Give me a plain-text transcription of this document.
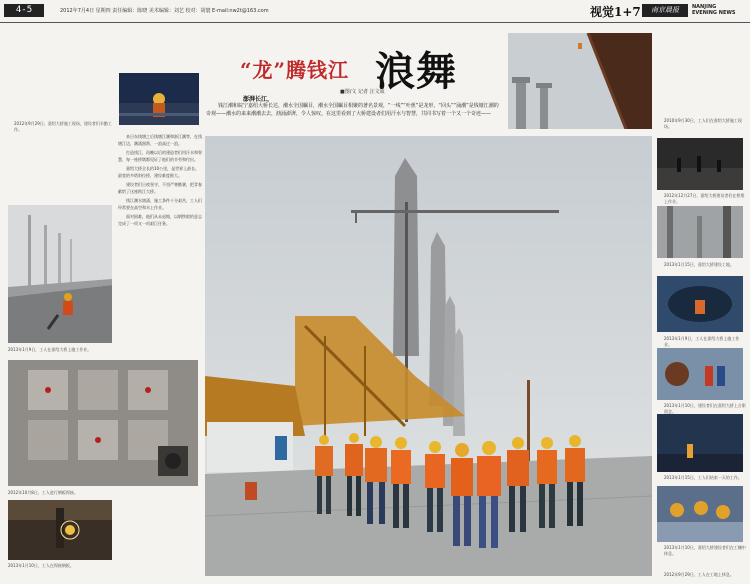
4-5	2012年7月4日 星期四 责任编辑：陈晓 美术编辑：刘艺 校对：胡寰 E-mail:nw2t@163.com	视觉1+7	南京晨报	NANJING
EVENING NEWS
2012年9月29日，嘉绍大桥施工现场，建设者们辛勤工作。
2010年9月30日，工人们在嘉绍大桥施工现场。
“龙”腾钱江 浪舞
■图/文 记者 汪文成
澎湃长江，
钱江潮和皖宁嘉绍大桥长达，潮水全国瞩目，潮水全国瞩目相聚的著名景观，“一线”“叶蕉”是龙形，“回头”“涌潮”是钱塘江潮的奇观——潮水的来来潮潮去去，汹涌澎湃，令人惊叹。在这里看到了大桥建设者们用汗水与智慧，共同书写着一个又一个奇迹——

来日东钱塘之后钱塘江潮和浙江潮等，在钱塘江边，潮涌澎湃，一浪高过一浪。

打造钱江，再晚以后的建造者们用汗水和智慧，每一座桥墩都见证了他们的辛劳和付出。

嘉绍大桥全长约10公里，是世界上最长、最宽的多塔斜拉桥，建设难度极大。

建设者们日夜坚守，不畏严寒酷暑，把青春献给了这座跨江大桥。

钱江潮水汹涌，施工条件十分艰苦，工人们经常要在高空和水上作业。

面对困难，他们从未退缩，以钢铁般的意志完成了一项又一项艰巨任务。

2013年1月9日，工人在嘉绍大桥上施工作业。
2012年10月8日，工人进行钢板焊接。
2013年1月10日，工人在焊接钢板。
2012年12月27日，嘉绍大桥建设者们在桥塔上作业。
2013年1月15日，嘉绍大桥建设工地。
2013年1月9日，工人在嘉绍大桥上施工作业。
2013年1月10日，建设者们在嘉绍大桥上合影留念。
2013年1月15日，工人们结束一天的工作。
2013年1月10日，嘉绍大桥建设者们在工棚中休息。
2012年9月29日，工人在工地上休息。
